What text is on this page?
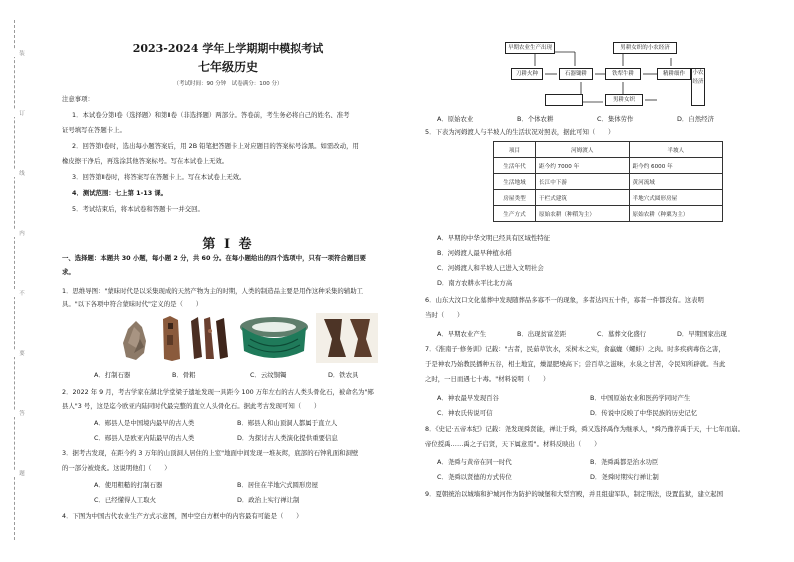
装
订
线
内
不
要
答
题
2023-2024 学年上学期期中模拟考试
七年级历史
（考试时间：90 分钟　试卷满分：100 分）
注意事项：
1．本试卷分第Ⅰ卷（选择题）和第Ⅱ卷（非选择题）两部分。答卷前，考生务必将自己的姓名、准考
证号填写在答题卡上。
2．回答第Ⅰ卷时，选出每小题答案后，用 2B 铅笔把答题卡上对应题目的答案标号涂黑。如需改动，用
橡皮擦干净后，再选涂其他答案标号。写在本试卷上无效。
3．回答第Ⅱ卷时，将答案写在答题卡上。写在本试卷上无效。
4．测试范围：七上第 1-13 课。
5．考试结束后，将本试卷和答题卡一并交回。
第 Ⅰ 卷
一、选择题：本题共 30 小题，每小题 2 分，共 60 分。在每小题给出的四个选项中，只有一项符合题目要
求。
1．思维导图："蒙昧时代是以采集现成的天然产物为主的时期，人类的制造品主要是用作这种采集的辅助工
具。"以下各项中符合蒙昧时代"定义的是（　　）
A．打制石器	B．骨耜	C．云纹铜镯	D．铁农具
2．2022 年 9 月，考古学家在湖北学堂梁子遗址发现一具距今 100 万年左右的古人类头骨化石，被命名为"郧
县人"3 号，这是迄今欧亚内陆同时代最完整的直立人头骨化石。据此考古发现可知（　　）
A．郧县人是中国境内最早的古人类	B．郧县人和山顶洞人都属于直立人
C．郧县人是欧亚内陆最早的古人类	D．为探讨古人类演化提供重要信息
3．据考古发现，在距今约 3 万年的山顶洞人居住的上室"地面中间发现一堆灰烬，底部的石钟乳面和洞壁
的一部分被烧炙。这说明他们（　　）
A．使用粗糙的打制石器	B．居住在半地穴式圆形房屋
C．已经懂得人工取火	D．政治上实行禅让制
4．下图为中国古代农业生产方式示意图，图中空白方框中的内容最有可能是（　　）
早期农业生产出现	男耕女织的小农经济
刀耕火种	石器锄耕	铁犁牛耕
男耕女织
精耕细作	小农经济
A．原始农业	B．个体农耕	C．集体劳作	D．自然经济
5．下表为河姆渡人与半坡人的生活状况对照表，据此可知（　　）
项目	河姆渡人	半坡人
生活年代	距今约 7000 年	距今约 6000 年
生活地域	长江中下游	黄河流域
房屋类型	干栏式建筑	半地穴式圆形房屋
生产方式	原始农耕（种稻为主）	原始农耕（种粟为主）
A．早期的中华文明已经具有区域性特征
B．河姆渡人最早种植水稻
C．河姆渡人和半坡人已进入文明社会
D．南方农耕水平比北方高
6．山东大汶口文化墓葬中发现随葬品多寡不一的现象，多者达四五十件，寡者一件都没有。这表明
当时（　　）
A．早期农业产生	B．出现贫富差距	C．墓葬文化盛行	D．早期国家出现
7．《淮南子·修务训》记载："古者，民茹草饮水，采树木之实，食蠃蛖（螺蚌）之肉。时多疾病毒伤之害，
于是神农乃始教民播种五谷，相土地宜，燥湿肥墝高下；尝百草之滋味，水泉之甘苦，令民知所辟就。当此
之时，一日而遇七十毒。"材料说明（　　）
A．神农最早发现百谷	B．中国原始农业和医药学同时产生
C．神农氏传说可信	D．传说中反映了中华民族的历史记忆
8．《史记·五帝本纪》记载：尧发现舜贤能，禅让于舜，舜又选择禹作为继承人，"舜乃豫荐禹于天，十七年而崩。
帝位授禹……禹之子启贤，天下属意焉"。材料反映出（　　）
A．尧舜与黄帝在同一时代	B．尧舜禹都是治水功臣
C．尧舜以贤德的方式传位	D．尧舜时期实行禅让制
9．夏朝统治以城墙和护城河作为防护的城堡和大型宫殿，并且组建军队，制定刑法，设置监狱，建立起国
